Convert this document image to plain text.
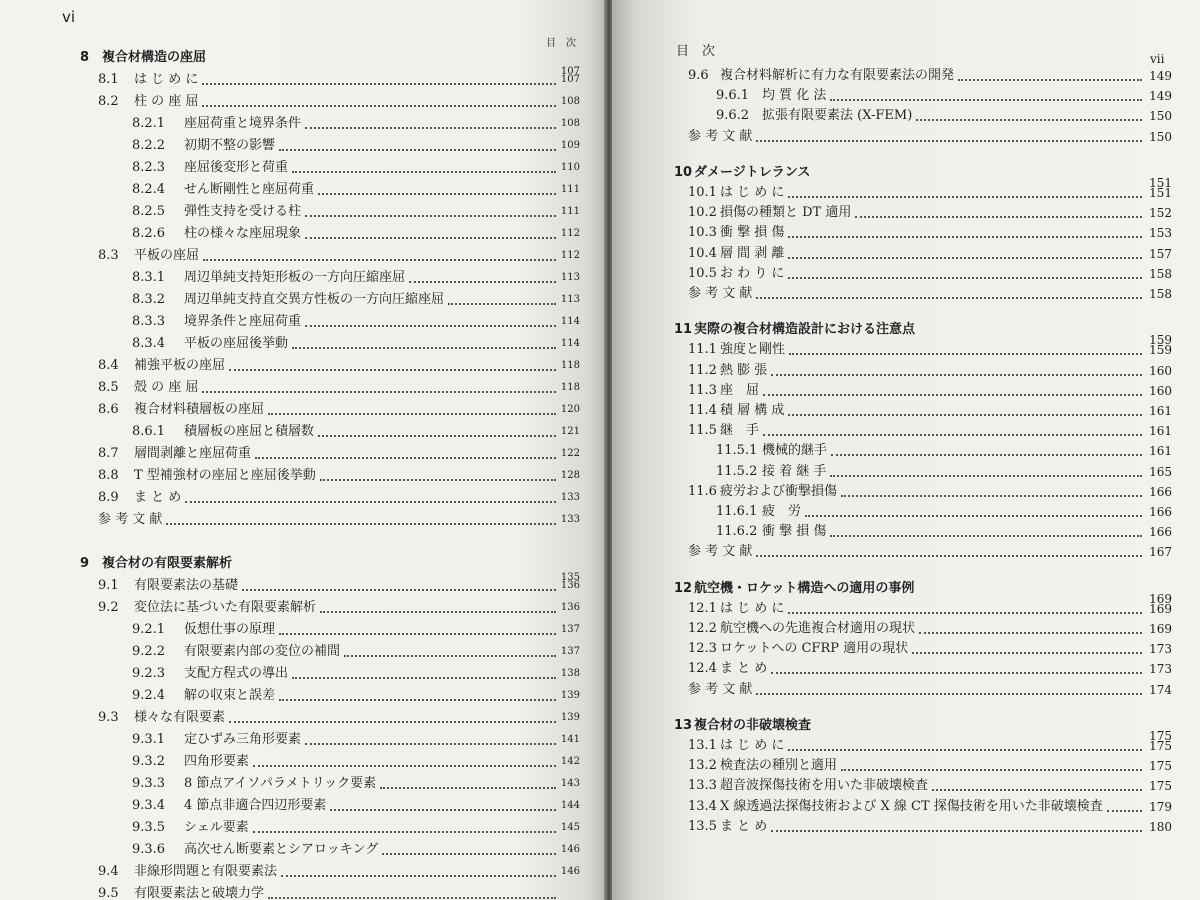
vi
目　次
8 複合材構造の座屈
107
8.1 は じ め に	107
8.2 柱 の 座 屈	108
8.2.1 座屈荷重と境界条件	108
8.2.2 初期不整の影響	109
8.2.3 座屈後変形と荷重	110
8.2.4 せん断剛性と座屈荷重	111
8.2.5 弾性支持を受ける柱	111
8.2.6 柱の様々な座屈現象	112
8.3 平板の座屈	112
8.3.1 周辺単純支持矩形板の一方向圧縮座屈	113
8.3.2 周辺単純支持直交異方性板の一方向圧縮座屈	113
8.3.3 境界条件と座屈荷重	114
8.3.4 平板の座屈後挙動	114
8.4 補強平板の座屈	118
8.5 殻 の 座 屈	118
8.6 複合材料積層板の座屈	120
8.6.1 積層板の座屈と積層数	121
8.7 層間剥離と座屈荷重	122
8.8 T 型補強材の座屈と座屈後挙動	128
8.9 ま と め	133
参 考 文 献	133
9 複合材の有限要素解析
135
9.1 有限要素法の基礎	136
9.2 変位法に基づいた有限要素解析	136
9.2.1 仮想仕事の原理	137
9.2.2 有限要素内部の変位の補間	137
9.2.3 支配方程式の導出	138
9.2.4 解の収束と誤差	139
9.3 様々な有限要素	139
9.3.1 定ひずみ三角形要素	141
9.3.2 四角形要素	142
9.3.3 8 節点アイソパラメトリック要素	143
9.3.4 4 節点非適合四辺形要素	144
9.3.5 シェル要素	145
9.3.6 高次せん断要素とシアロッキング	146
9.4 非線形問題と有限要素法	146
9.5 有限要素法と破壊力学
目　次	vii
9.6 複合材料解析に有力な有限要素法の開発	149
9.6.1 均 質 化 法	149
9.6.2 拡張有限要素法 (X-FEM)	150
参 考 文 献	150
10 ダメージトレランス
151
10.1 は じ め に	151
10.2 損傷の種類と DT 適用	152
10.3 衝 撃 損 傷	153
10.4 層 間 剥 離	157
10.5 お わ り に	158
参 考 文 献	158
11 実際の複合材構造設計における注意点
159
11.1 強度と剛性	159
11.2 熱 膨 張	160
11.3 座　屈	160
11.4 積 層 構 成	161
11.5 継　手	161
11.5.1 機械的継手	161
11.5.2 接 着 継 手	165
11.6 疲労および衝撃損傷	166
11.6.1 疲　労	166
11.6.2 衝 撃 損 傷	166
参 考 文 献	167
12 航空機・ロケット構造への適用の事例
169
12.1 は じ め に	169
12.2 航空機への先進複合材適用の現状	169
12.3 ロケットへの CFRP 適用の現状	173
12.4 ま と め	173
参 考 文 献	174
13 複合材の非破壊検査
175
13.1 は じ め に	175
13.2 検査法の種別と適用	175
13.3 超音波探傷技術を用いた非破壊検査	175
13.4 X 線透過法探傷技術および X 線 CT 探傷技術を用いた非破壊検査	179
13.5 ま と め	180
